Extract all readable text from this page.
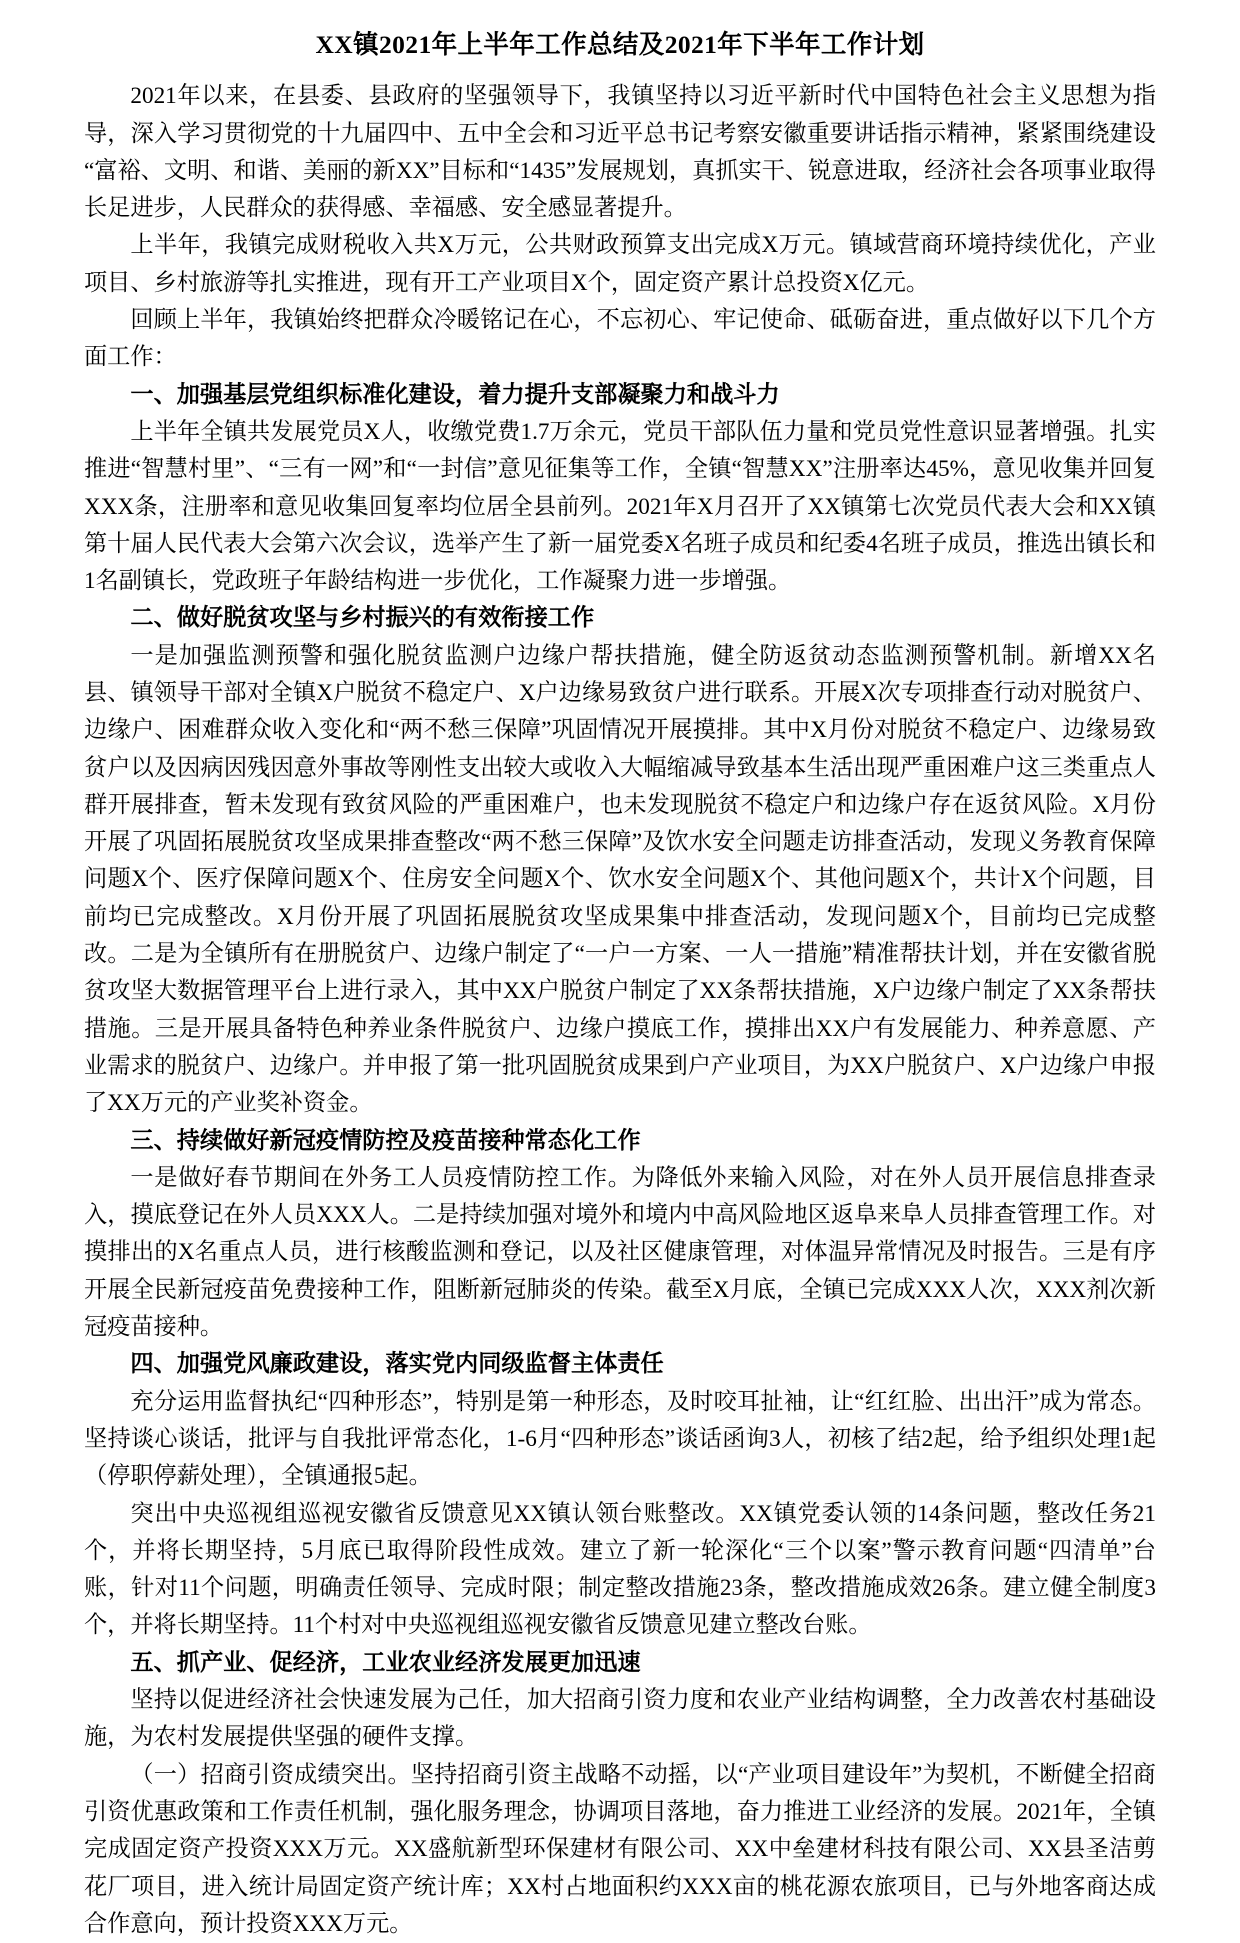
XX镇2021年上半年工作总结及2021年下半年工作计划

2021年以来，在县委、县政府的坚强领导下，我镇坚持以习近平新时代中国特色社会主义思想为指导，深入学习贯彻党的十九届四中、五中全会和习近平总书记考察安徽重要讲话指示精神，紧紧围绕建设“富裕、文明、和谐、美丽的新XX”目标和“1435”发展规划，真抓实干、锐意进取，经济社会各项事业取得长足进步，人民群众的获得感、幸福感、安全感显著提升。

上半年，我镇完成财税收入共X万元，公共财政预算支出完成X万元。镇域营商环境持续优化，产业项目、乡村旅游等扎实推进，现有开工产业项目X个，固定资产累计总投资X亿元。

回顾上半年，我镇始终把群众冷暖铭记在心，不忘初心、牢记使命、砥砺奋进，重点做好以下几个方面工作：

一、加强基层党组织标准化建设，着力提升支部凝聚力和战斗力

上半年全镇共发展党员X人，收缴党费1.7万余元，党员干部队伍力量和党员党性意识显著增强。扎实推进“智慧村里”、“三有一网”和“一封信”意见征集等工作，全镇“智慧XX”注册率达45%，意见收集并回复XXX条，注册率和意见收集回复率均位居全县前列。2021年X月召开了XX镇第七次党员代表大会和XX镇第十届人民代表大会第六次会议，选举产生了新一届党委X名班子成员和纪委4名班子成员，推选出镇长和1名副镇长，党政班子年龄结构进一步优化，工作凝聚力进一步增强。

二、做好脱贫攻坚与乡村振兴的有效衔接工作

一是加强监测预警和强化脱贫监测户边缘户帮扶措施，健全防返贫动态监测预警机制。新增XX名县、镇领导干部对全镇X户脱贫不稳定户、X户边缘易致贫户进行联系。开展X次专项排查行动对脱贫户、边缘户、困难群众收入变化和“两不愁三保障”巩固情况开展摸排。其中X月份对脱贫不稳定户、边缘易致贫户以及因病因残因意外事故等刚性支出较大或收入大幅缩减导致基本生活出现严重困难户这三类重点人群开展排查，暂未发现有致贫风险的严重困难户，也未发现脱贫不稳定户和边缘户存在返贫风险。X月份开展了巩固拓展脱贫攻坚成果排查整改“两不愁三保障”及饮水安全问题走访排查活动，发现义务教育保障问题X个、医疗保障问题X个、住房安全问题X个、饮水安全问题X个、其他问题X个，共计X个问题，目前均已完成整改。X月份开展了巩固拓展脱贫攻坚成果集中排查活动，发现问题X个，目前均已完成整改。二是为全镇所有在册脱贫户、边缘户制定了“一户一方案、一人一措施”精准帮扶计划，并在安徽省脱贫攻坚大数据管理平台上进行录入，其中XX户脱贫户制定了XX条帮扶措施，X户边缘户制定了XX条帮扶措施。三是开展具备特色种养业条件脱贫户、边缘户摸底工作，摸排出XX户有发展能力、种养意愿、产业需求的脱贫户、边缘户。并申报了第一批巩固脱贫成果到户产业项目，为XX户脱贫户、X户边缘户申报了XX万元的产业奖补资金。

三、持续做好新冠疫情防控及疫苗接种常态化工作

一是做好春节期间在外务工人员疫情防控工作。为降低外来输入风险，对在外人员开展信息排查录入，摸底登记在外人员XXX人。二是持续加强对境外和境内中高风险地区返阜来阜人员排查管理工作。对摸排出的X名重点人员，进行核酸监测和登记，以及社区健康管理，对体温异常情况及时报告。三是有序开展全民新冠疫苗免费接种工作，阻断新冠肺炎的传染。截至X月底，全镇已完成XXX人次，XXX剂次新冠疫苗接种。

四、加强党风廉政建设，落实党内同级监督主体责任

充分运用监督执纪“四种形态”，特别是第一种形态，及时咬耳扯袖，让“红红脸、出出汗”成为常态。坚持谈心谈话，批评与自我批评常态化，1-6月“四种形态”谈话函询3人，初核了结2起，给予组织处理1起（停职停薪处理），全镇通报5起。

突出中央巡视组巡视安徽省反馈意见XX镇认领台账整改。XX镇党委认领的14条问题，整改任务21个，并将长期坚持，5月底已取得阶段性成效。建立了新一轮深化“三个以案”警示教育问题“四清单”台账，针对11个问题，明确责任领导、完成时限；制定整改措施23条，整改措施成效26条。建立健全制度3个，并将长期坚持。11个村对中央巡视组巡视安徽省反馈意见建立整改台账。

五、抓产业、促经济，工业农业经济发展更加迅速

坚持以促进经济社会快速发展为己任，加大招商引资力度和农业产业结构调整，全力改善农村基础设施，为农村发展提供坚强的硬件支撑。

（一）招商引资成绩突出。坚持招商引资主战略不动摇，以“产业项目建设年”为契机，不断健全招商引资优惠政策和工作责任机制，强化服务理念，协调项目落地，奋力推进工业经济的发展。2021年，全镇完成固定资产投资XXX万元。XX盛航新型环保建材有限公司、XX中垒建材科技有限公司、XX县圣洁剪花厂项目，进入统计局固定资产统计库；XX村占地面积约XXX亩的桃花源农旅项目，已与外地客商达成合作意向，预计投资XXX万元。
